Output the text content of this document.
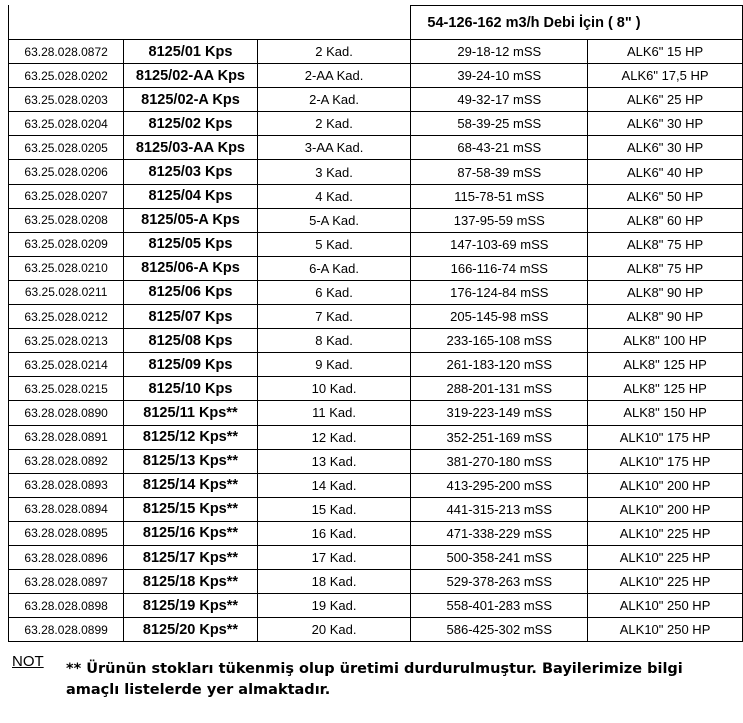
			54-126-162 m3/h Debi İçin ( 8" )	
63.28.028.0872	8125/01 Kps	2 Kad.	29-18-12 mSS	ALK6" 15 HP
63.25.028.0202	8125/02-AA Kps	2-AA Kad.	39-24-10 mSS	ALK6" 17,5 HP
63.25.028.0203	8125/02-A Kps	2-A Kad.	49-32-17 mSS	ALK6" 25 HP
63.25.028.0204	8125/02 Kps	2 Kad.	58-39-25 mSS	ALK6" 30 HP
63.25.028.0205	8125/03-AA Kps	3-AA Kad.	68-43-21 mSS	ALK6" 30 HP
63.25.028.0206	8125/03 Kps	3 Kad.	87-58-39 mSS	ALK6" 40 HP
63.25.028.0207	8125/04 Kps	4 Kad.	115-78-51 mSS	ALK6" 50 HP
63.25.028.0208	8125/05-A Kps	5-A Kad.	137-95-59 mSS	ALK8" 60 HP
63.25.028.0209	8125/05 Kps	5 Kad.	147-103-69 mSS	ALK8" 75 HP
63.25.028.0210	8125/06-A Kps	6-A Kad.	166-116-74 mSS	ALK8" 75 HP
63.25.028.0211	8125/06 Kps	6 Kad.	176-124-84 mSS	ALK8" 90 HP
63.25.028.0212	8125/07 Kps	7 Kad.	205-145-98 mSS	ALK8" 90 HP
63.25.028.0213	8125/08 Kps	8 Kad.	233-165-108 mSS	ALK8" 100 HP
63.25.028.0214	8125/09 Kps	9 Kad.	261-183-120 mSS	ALK8" 125 HP
63.25.028.0215	8125/10 Kps	10 Kad.	288-201-131 mSS	ALK8" 125 HP
63.28.028.0890	8125/11 Kps**	11 Kad.	319-223-149 mSS	ALK8" 150 HP
63.28.028.0891	8125/12 Kps**	12 Kad.	352-251-169 mSS	ALK10" 175 HP
63.28.028.0892	8125/13 Kps**	13 Kad.	381-270-180 mSS	ALK10" 175 HP
63.28.028.0893	8125/14 Kps**	14 Kad.	413-295-200 mSS	ALK10" 200 HP
63.28.028.0894	8125/15 Kps**	15 Kad.	441-315-213 mSS	ALK10" 200 HP
63.28.028.0895	8125/16 Kps**	16 Kad.	471-338-229 mSS	ALK10" 225 HP
63.28.028.0896	8125/17 Kps**	17 Kad.	500-358-241 mSS	ALK10" 225 HP
63.28.028.0897	8125/18 Kps**	18 Kad.	529-378-263 mSS	ALK10" 225 HP
63.28.028.0898	8125/19 Kps**	19 Kad.	558-401-283 mSS	ALK10" 250 HP
63.28.028.0899	8125/20 Kps**	20 Kad.	586-425-302 mSS	ALK10" 250 HP
NOT ** Ürünün stokları tükenmiş olup üretimi durdurulmuştur. Bayilerimize bilgi amaçlı listelerde yer almaktadır.
